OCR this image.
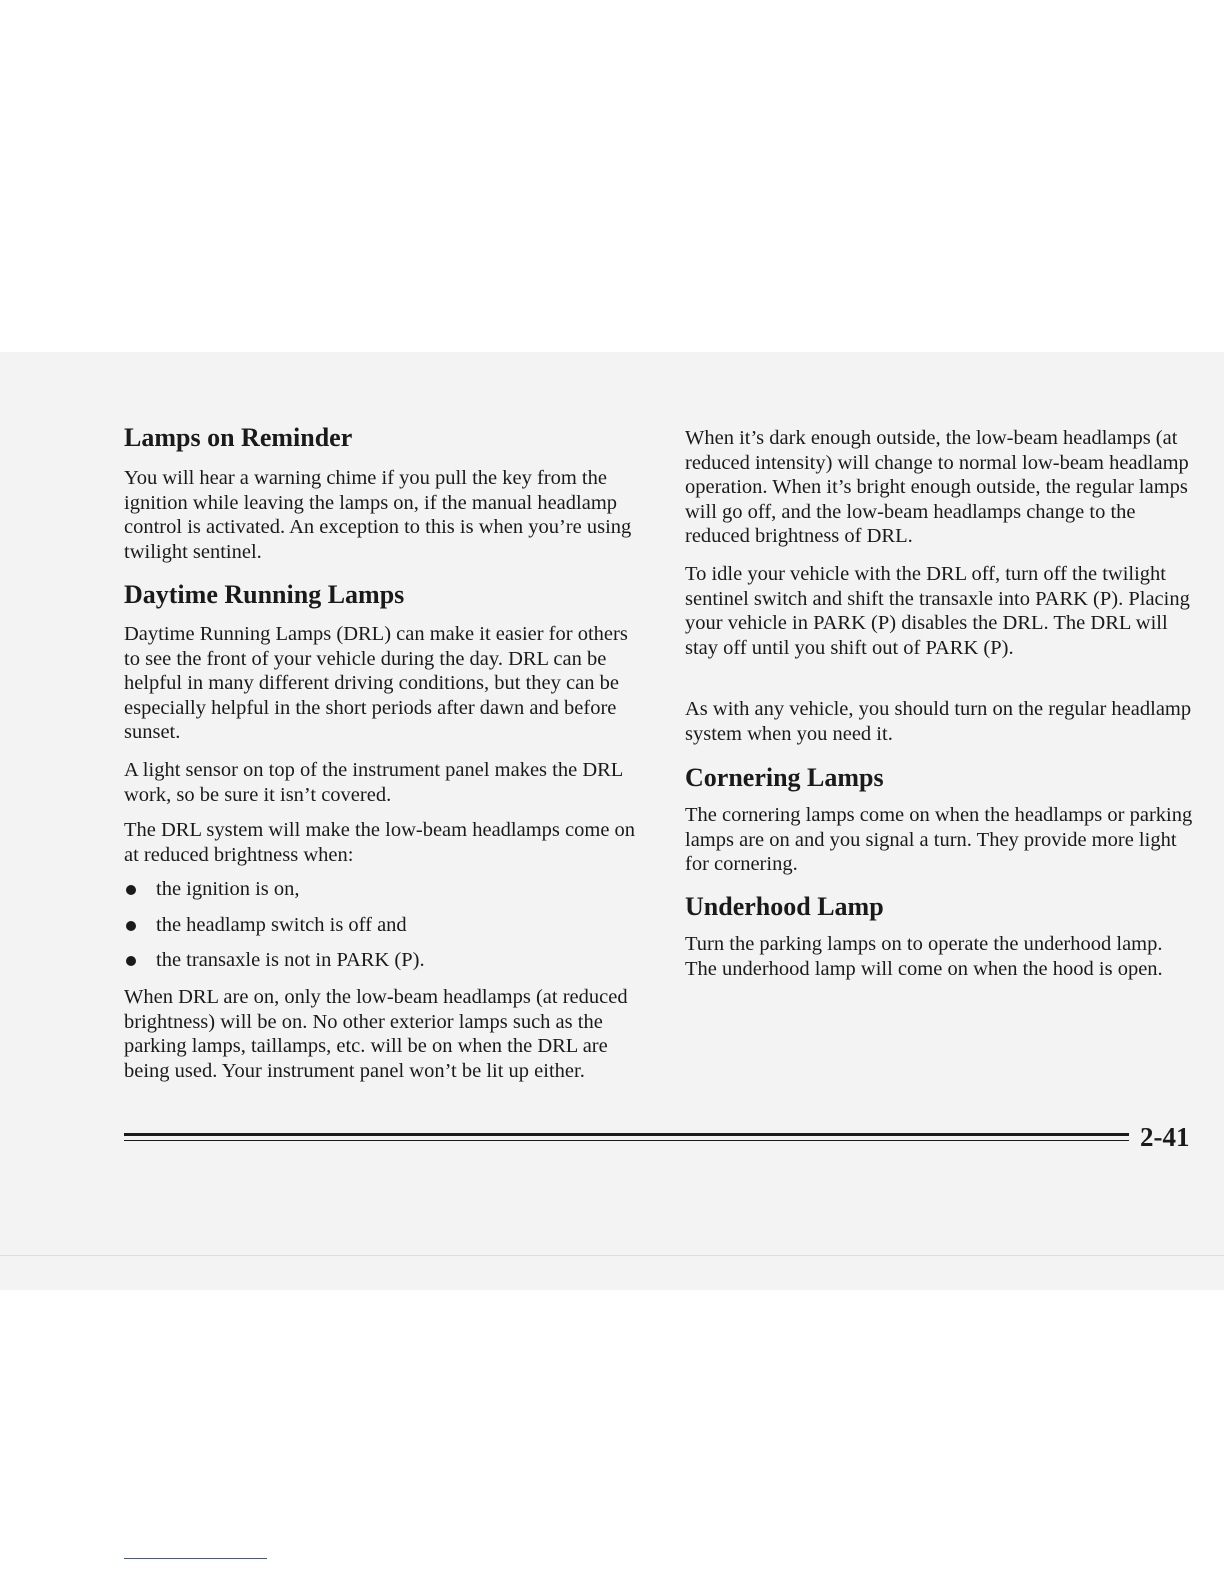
Lamps on Reminder

You will hear a warning chime if you pull the key from the ignition while leaving the lamps on, if the manual headlamp control is activated. An exception to this is when you’re using twilight sentinel.

Daytime Running Lamps

Daytime Running Lamps (DRL) can make it easier for others to see the front of your vehicle during the day. DRL can be helpful in many different driving conditions, but they can be especially helpful in the short periods after dawn and before sunset.

A light sensor on top of the instrument panel makes the DRL work, so be sure it isn’t covered.

The DRL system will make the low-beam headlamps come on at reduced brightness when:

the ignition is on,
the headlamp switch is off and
the transaxle is not in PARK (P).

When DRL are on, only the low-beam headlamps (at reduced brightness) will be on. No other exterior lamps such as the parking lamps, taillamps, etc. will be on when the DRL are being used. Your instrument panel won’t be lit up either.

When it’s dark enough outside, the low-beam headlamps (at reduced intensity) will change to normal low-beam headlamp operation. When it’s bright enough outside, the regular lamps will go off, and the low-beam headlamps change to the reduced brightness of DRL.

To idle your vehicle with the DRL off, turn off the twilight sentinel switch and shift the transaxle into PARK (P). Placing your vehicle in PARK (P) disables the DRL. The DRL will stay off until you shift out of PARK (P).

As with any vehicle, you should turn on the regular headlamp system when you need it.

Cornering Lamps

The cornering lamps come on when the headlamps or parking lamps are on and you signal a turn. They provide more light for cornering.

Underhood Lamp

Turn the parking lamps on to operate the underhood lamp. The underhood lamp will come on when the hood is open.

2-41
